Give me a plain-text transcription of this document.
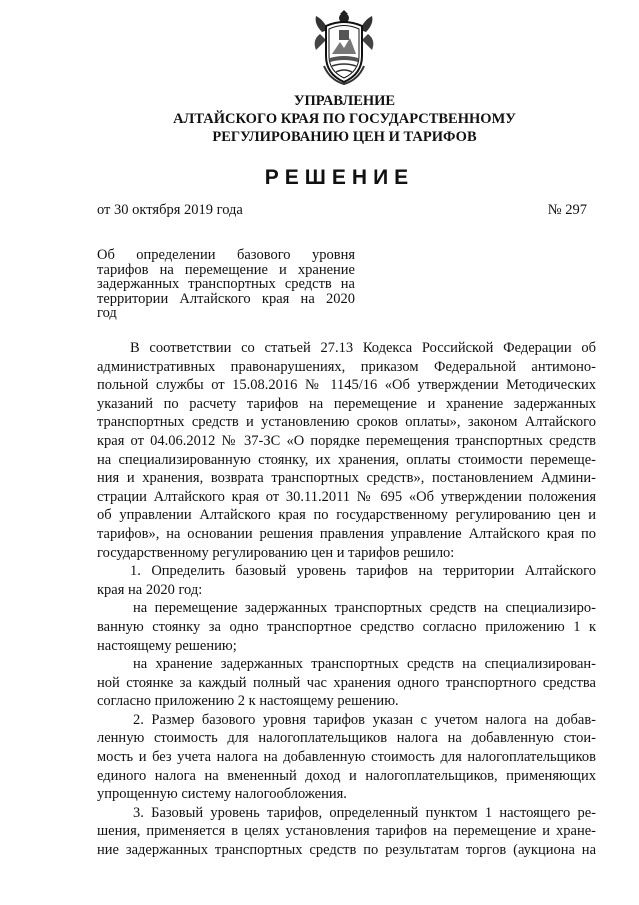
УПРАВЛЕНИЕ
АЛТАЙСКОГО КРАЯ ПО ГОСУДАРСТВЕННОМУ
РЕГУЛИРОВАНИЮ ЦЕН И ТАРИФОВ
РЕШЕНИЕ
от 30 октября 2019 года	№ 297
Об определении базового уровня
тарифов на перемещение и хранение
задержанных транспортных средств на
территории Алтайского края на 2020
год
В соответствии со статьей 27.13 Кодекса Российской Федерации об
административных правонарушениях, приказом Федеральной антимоно-
польной службы от 15.08.2016 № 1145/16 «Об утверждении Методических
указаний по расчету тарифов на перемещение и хранение задержанных
транспортных средств и установлению сроков оплаты», законом Алтайского
края от 04.06.2012 № 37-ЗС «О порядке перемещения транспортных средств
на специализированную стоянку, их хранения, оплаты стоимости перемеще-
ния и хранения, возврата транспортных средств», постановлением Админи-
страции Алтайского края от 30.11.2011 № 695 «Об утверждении положения
об управлении Алтайского края по государственному регулированию цен и
тарифов», на основании решения правления управление Алтайского края по
государственному регулированию цен и тарифов решило:
1. Определить базовый уровень тарифов на территории Алтайского
края на 2020 год:
на перемещение задержанных транспортных средств на специализиро-
ванную стоянку за одно транспортное средство согласно приложению 1 к
настоящему решению;
на хранение задержанных транспортных средств на специализирован-
ной стоянке за каждый полный час хранения одного транспортного средства
согласно приложению 2 к настоящему решению.
2. Размер базового уровня тарифов указан с учетом налога на добав-
ленную стоимость для налогоплательщиков налога на добавленную стои-
мость и без учета налога на добавленную стоимость для налогоплательщиков
единого налога на вмененный доход и налогоплательщиков, применяющих
упрощенную систему налогообложения.
3. Базовый уровень тарифов, определенный пунктом 1 настоящего ре-
шения, применяется в целях установления тарифов на перемещение и хране-
ние задержанных транспортных средств по результатам торгов (аукциона на
